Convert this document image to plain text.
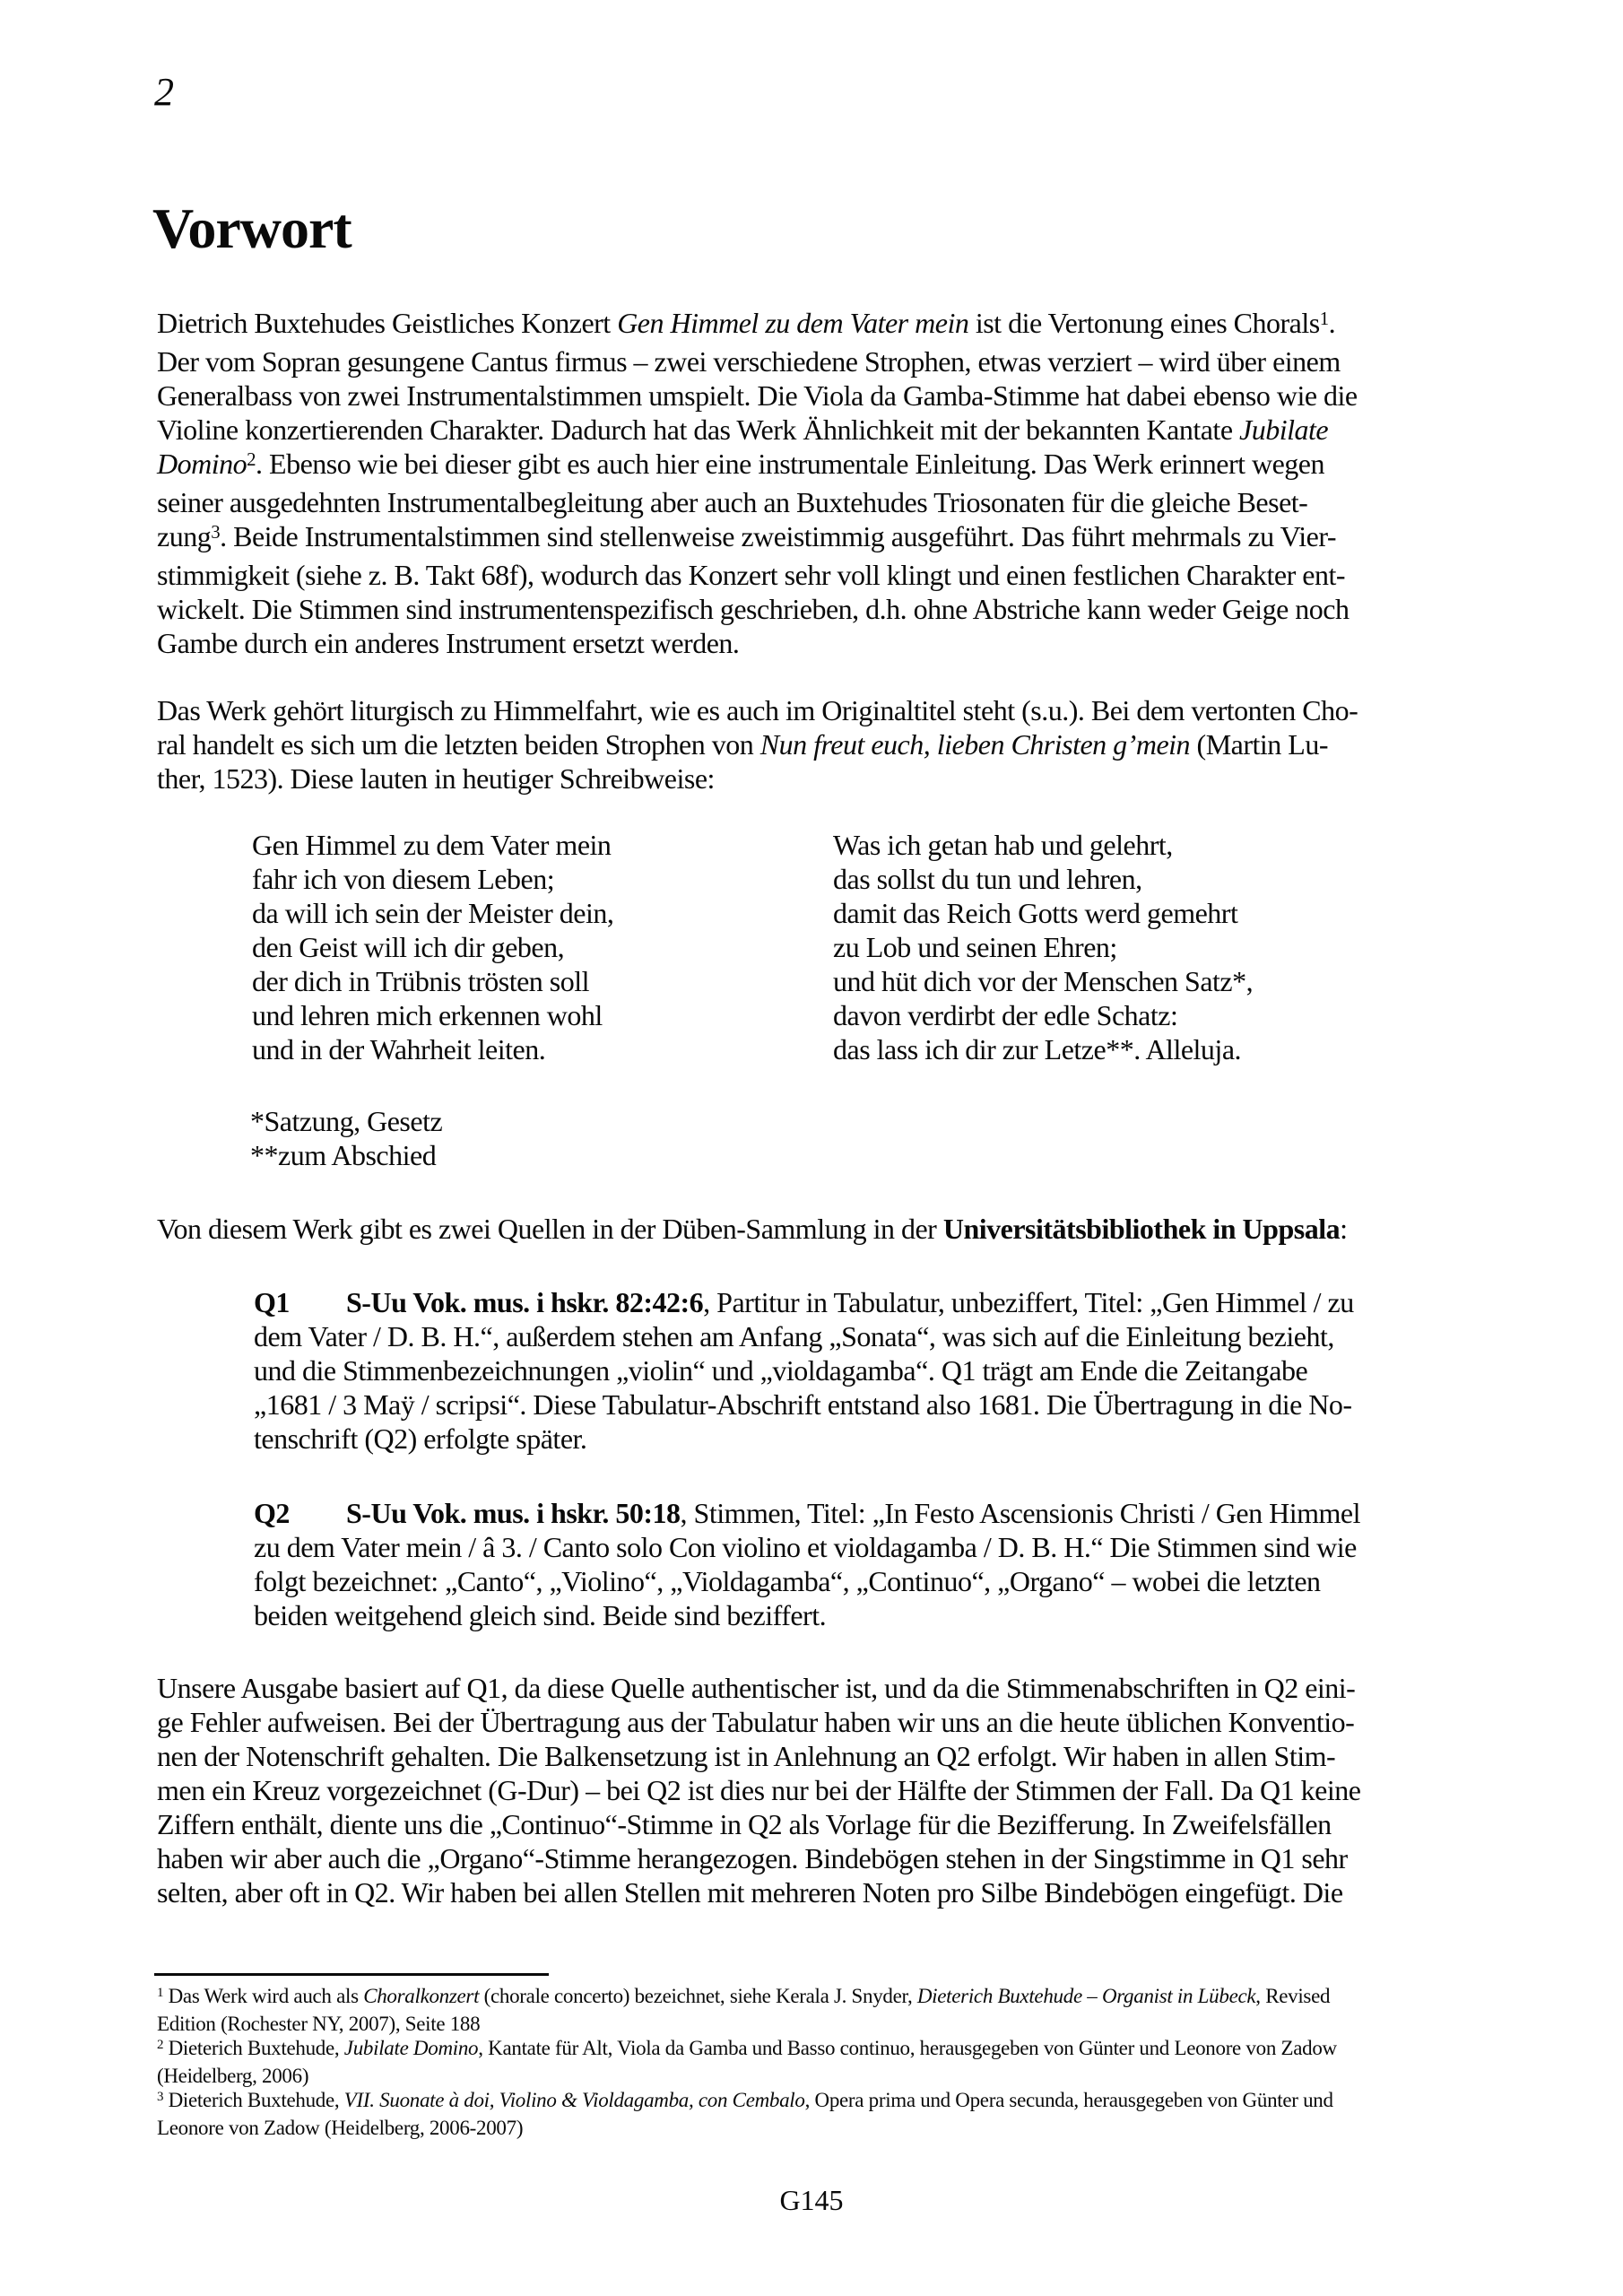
2
Vorwort
Dietrich Buxtehudes Geistliches Konzert Gen Himmel zu dem Vater mein ist die Vertonung eines Chorals$^1$.
Der vom Sopran gesungene Cantus firmus – zwei verschiedene Strophen, etwas verziert – wird über einem
Generalbass von zwei Instrumentalstimmen umspielt. Die Viola da Gamba-Stimme hat dabei ebenso wie die
Violine konzertierenden Charakter. Dadurch hat das Werk Ähnlichkeit mit der bekannten Kantate Jubilate
Domino$^2$. Ebenso wie bei dieser gibt es auch hier eine instrumentale Einleitung. Das Werk erinnert wegen
seiner ausgedehnten Instrumentalbegleitung aber auch an Buxtehudes Triosonaten für die gleiche Beset-
zung$^3$. Beide Instrumentalstimmen sind stellenweise zweistimmig ausgeführt. Das führt mehrmals zu Vier-
stimmigkeit (siehe z. B. Takt 68f), wodurch das Konzert sehr voll klingt und einen festlichen Charakter ent-
wickelt. Die Stimmen sind instrumentenspezifisch geschrieben, d.h. ohne Abstriche kann weder Geige noch
Gambe durch ein anderes Instrument ersetzt werden.
Das Werk gehört liturgisch zu Himmelfahrt, wie es auch im Originaltitel steht (s.u.). Bei dem vertonten Cho-
ral handelt es sich um die letzten beiden Strophen von Nun freut euch, lieben Christen g’mein (Martin Lu-
ther, 1523). Diese lauten in heutiger Schreibweise:
Gen Himmel zu dem Vater mein
fahr ich von diesem Leben;
da will ich sein der Meister dein,
den Geist will ich dir geben,
der dich in Trübnis trösten soll
und lehren mich erkennen wohl
und in der Wahrheit leiten.
Was ich getan hab und gelehrt,
das sollst du tun und lehren,
damit das Reich Gotts werd gemehrt
zu Lob und seinen Ehren;
und hüt dich vor der Menschen Satz*,
davon verdirbt der edle Schatz:
das lass ich dir zur Letze**. Alleluja.
*Satzung, Gesetz
**zum Abschied
Von diesem Werk gibt es zwei Quellen in der Düben-Sammlung in der Universitätsbibliothek in Uppsala:
Q1 S-Uu Vok. mus. i hskr. 82:42:6, Partitur in Tabulatur, unbeziffert, Titel: „Gen Himmel / zu
dem Vater / D. B. H.“, außerdem stehen am Anfang „Sonata“, was sich auf die Einleitung bezieht,
und die Stimmenbezeichnungen „violin“ und „violdagamba“. Q1 trägt am Ende die Zeitangabe
„1681 / 3 Maÿ / scripsi“. Diese Tabulatur-Abschrift entstand also 1681. Die Übertragung in die No-
tenschrift (Q2) erfolgte später.
Q2 S-Uu Vok. mus. i hskr. 50:18, Stimmen, Titel: „In Festo Ascensionis Christi / Gen Himmel
zu dem Vater mein / â 3. / Canto solo Con violino et violdagamba / D. B. H.“ Die Stimmen sind wie
folgt bezeichnet: „Canto“, „Violino“, „Violdagamba“, „Continuo“, „Organo“ – wobei die letzten
beiden weitgehend gleich sind. Beide sind beziffert.
Unsere Ausgabe basiert auf Q1, da diese Quelle authentischer ist, und da die Stimmenabschriften in Q2 eini-
ge Fehler aufweisen. Bei der Übertragung aus der Tabulatur haben wir uns an die heute üblichen Konventio-
nen der Notenschrift gehalten. Die Balkensetzung ist in Anlehnung an Q2 erfolgt. Wir haben in allen Stim-
men ein Kreuz vorgezeichnet (G-Dur) – bei Q2 ist dies nur bei der Hälfte der Stimmen der Fall. Da Q1 keine
Ziffern enthält, diente uns die „Continuo“-Stimme in Q2 als Vorlage für die Bezifferung. In Zweifelsfällen
haben wir aber auch die „Organo“-Stimme herangezogen. Bindebögen stehen in der Singstimme in Q1 sehr
selten, aber oft in Q2. Wir haben bei allen Stellen mit mehreren Noten pro Silbe Bindebögen eingefügt. Die
$^1$ Das Werk wird auch als Choralkonzert (chorale concerto) bezeichnet, siehe Kerala J. Snyder, Dieterich Buxtehude – Organist in Lübeck, Revised
Edition (Rochester NY, 2007), Seite 188
$^2$ Dieterich Buxtehude, Jubilate Domino, Kantate für Alt, Viola da Gamba und Basso continuo, herausgegeben von Günter und Leonore von Zadow
(Heidelberg, 2006)
$^3$ Dieterich Buxtehude, VII. Suonate à doi, Violino & Violdagamba, con Cembalo, Opera prima und Opera secunda, herausgegeben von Günter und
Leonore von Zadow (Heidelberg, 2006-2007)
G145
